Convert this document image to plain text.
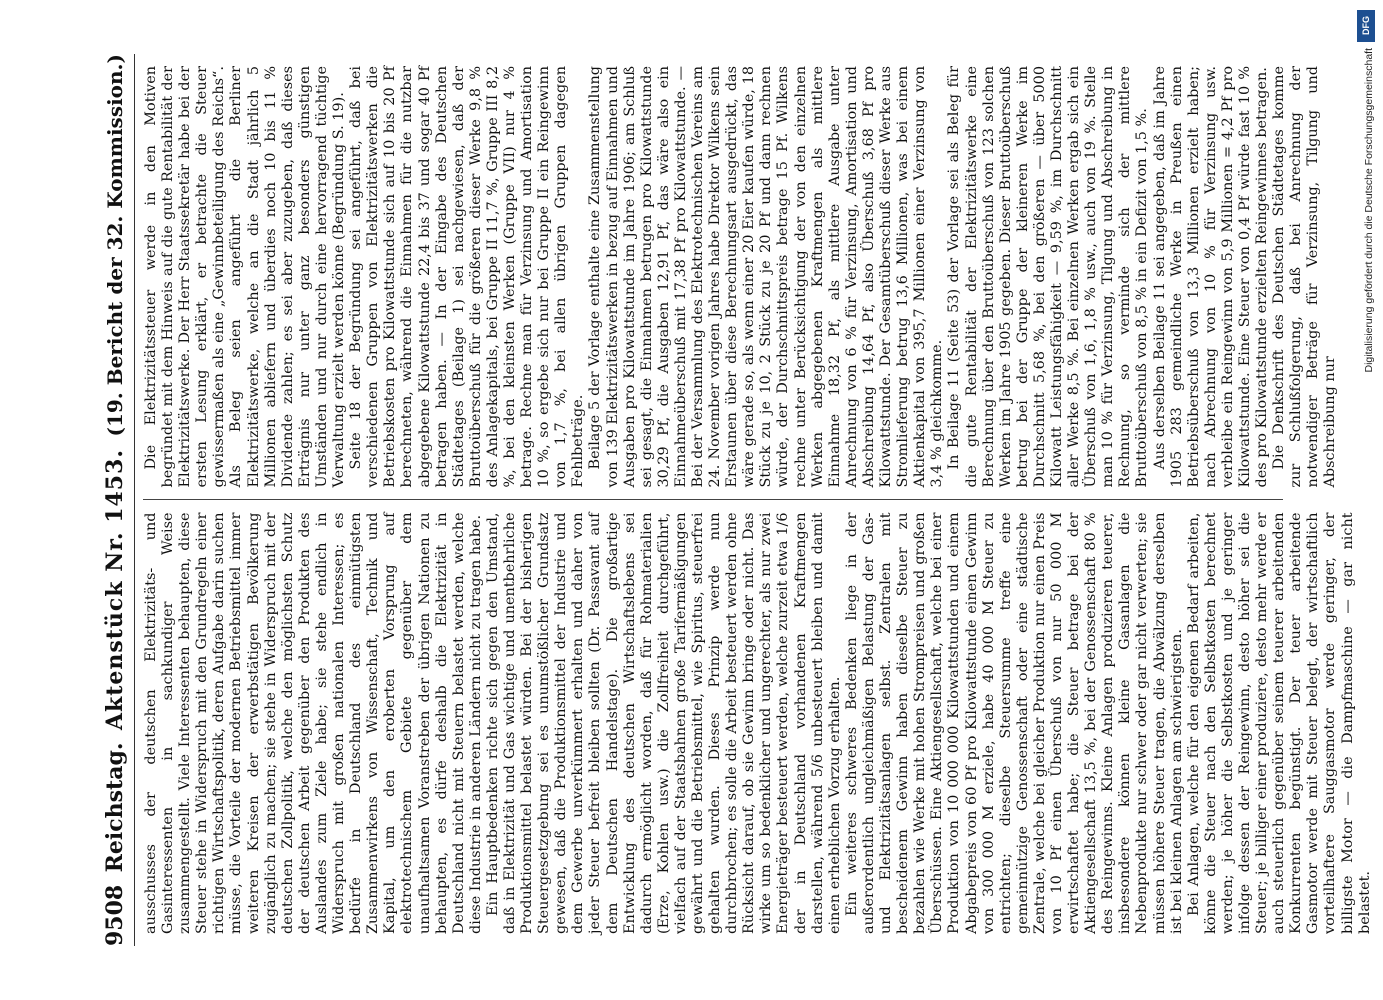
9508
Reichstag.
Aktenstück Nr. 1453.
(19. Bericht der 32. Kommission.)

ausschusses der deutschen Elektrizitäts- und Gasinteressenten in sachkundiger Weise zusammengestellt. Viele Interessenten behaupten, diese Steuer stehe in Widerspruch mit den Grundregeln einer richtigen Wirtschaftspolitik, deren Aufgabe darin suchen müsse, die Vorteile der modernen Betriebsmittel immer weiteren Kreisen der erwerbstätigen Bevölkerung zugänglich zu machen; sie stehe in Widerspruch mit der deutschen Zollpolitik, welche den möglichsten Schutz der deutschen Arbeit gegenüber den Produkten des Auslandes zum Ziele habe; sie stehe endlich in Widerspruch mit großen nationalen Interessen; es bedürfe in Deutschland des einmütigsten Zusammenwirkens von Wissenschaft, Technik und Kapital, um den eroberten Vorsprung auf elektrotechnischem Gebiete gegenüber dem unaufhaltsamen Voranstreben der übrigen Nationen zu behaupten, es dürfe deshalb die Elektrizität in Deutschland nicht mit Steuern belastet werden, welche diese Industrie in anderen Ländern nicht zu tragen habe. Ein Hauptbedenken richte sich gegen den Umstand, daß in Elektrizität und Gas wichtige und unentbehrliche Produktionsmittel belastet würden. Bei der bisherigen Steuergesetzgebung sei es unumstößlicher Grundsatz gewesen, daß die Produktionsmittel der Industrie und dem Gewerbe unverkümmert erhalten und daher von jeder Steuer befreit bleiben sollten (Dr. Passavant auf dem Deutschen Handelstage). Die großartige Entwicklung des deutschen Wirtschaftslebens sei dadurch ermöglicht worden, daß für Rohmaterialien (Erze, Kohlen usw.) die Zollfreiheit durchgeführt, vielfach auf der Staatsbahnen große Tarifermäßigungen gewährt und die Betriebsmittel, wie Spiritus, steuerfrei gehalten wurden. Dieses Prinzip werde nun durchbrochen; es solle die Arbeit besteuert werden ohne Rücksicht darauf, ob sie Gewinn bringe oder nicht. Das wirke um so bedenklicher und ungerechter, als nur zwei Energieträger besteuert werden, welche zurzeit etwa 1/6 der in Deutschland vorhandenen Kraftmengen darstellen, während 5/6 unbesteuert bleiben und damit einen erheblichen Vorzug erhalten. Ein weiteres schweres Bedenken liege in der außerordentlich ungleichmäßigen Belastung der Gas- und Elektrizitätsanlagen selbst. Zentralen mit bescheidenem Gewinn haben dieselbe Steuer zu bezahlen wie Werke mit hohen Strompreisen und großen Überschüssen. Eine Aktiengesellschaft, welche bei einer Produktion von 10 000 000 Kilowattstunden und einem Abgabepreis von 60 Pf pro Kilowattstunde einen Gewinn von 300 000 M erziele, habe 40 000 M Steuer zu entrichten; dieselbe Steuersumme treffe eine gemeinnützige Genossenschaft oder eine städtische Zentrale, welche bei gleicher Produktion nur einen Preis von 10 Pf einen Überschuß von nur 50 000 M erwirtschaftet habe; die Steuer betrage bei der Aktiengesellschaft 13,5 %, bei der Genossenschaft 80 % des Reingewinns. Kleine Anlagen produzieren teuerer, insbesondere können kleine Gasanlagen die Nebenprodukte nur schwer oder gar nicht verwerten; sie müssen höhere Steuer tragen, die Abwälzung derselben ist bei kleinen Anlagen am schwierigsten. Bei Anlagen, welche für den eigenen Bedarf arbeiten, könne die Steuer nach den Selbstkosten berechnet werden; je höher die Selbstkosten und je geringer infolge dessen der Reingewinn, desto höher sei die Steuer; je billiger einer produziere, desto mehr werde er auch steuerlich gegenüber seinem teuerer arbeitenden Konkurrenten begünstigt. Der teuer arbeitende Gasmotor werde mit Steuer belegt, der wirtschaftlich vorteilhaftere Sauggasmotor werde geringer, der billigste Motor — die Dampfmaschine — gar nicht belastet.

Die Elektrizitätssteuer werde in den Motiven begründet mit dem Hinweis auf die gute Rentabilität der Elektrizitätswerke. Der Herr Staatssekretär habe bei der ersten Lesung erklärt, er betrachte die Steuer gewissermaßen als eine „Gewinnbeteiligung des Reichs“. Als Beleg seien angeführt die Berliner Elektrizitätswerke, welche an die Stadt jährlich 5 Millionen abliefern und überdies noch 10 bis 11 % Dividende zahlen; es sei aber zuzugeben, daß dieses Erträgnis nur unter ganz besonders günstigen Umständen und nur durch eine hervorragend tüchtige Verwaltung erzielt werden könne (Begründung S. 19). Seite 18 der Begründung sei angeführt, daß bei verschiedenen Gruppen von Elektrizitätswerken die Betriebskosten pro Kilowattstunde sich auf 10 bis 20 Pf berechneten, während die Einnahmen für die nutzbar abgegebene Kilowattstunde 22,4 bis 37 und sogar 40 Pf betragen haben. — In der Eingabe des Deutschen Städtetages (Beilage 1) sei nachgewiesen, daß der Bruttoüberschuß für die größeren dieser Werke 9,8 % des Anlagekapitals, bei Gruppe II 11,7 %, Gruppe III 8,2 %, bei den kleinsten Werken (Gruppe VII) nur 4 % betrage. Rechne man für Verzinsung und Amortisation 10 %, so ergebe sich nur bei Gruppe II ein Reingewinn von 1,7 %, bei allen übrigen Gruppen dagegen Fehlbeträge. Beilage 5 der Vorlage enthalte eine Zusammenstellung von 139 Elektrizitätswerken in bezug auf Einnahmen und Ausgaben pro Kilowattstunde im Jahre 1906; am Schluß sei gesagt, die Einnahmen betrugen pro Kilowattstunde 30,29 Pf, die Ausgaben 12,91 Pf, das wäre also ein Einnahmeüberschuß mit 17,38 Pf pro Kilowattstunde. — Bei der Versammlung des Elektrotechnischen Vereins am 24. November vorigen Jahres habe Direktor Wilkens sein Erstaunen über diese Berechnungsart ausgedrückt, das wäre gerade so, als wenn einer 20 Eier kaufen würde, 18 Stück zu je 10, 2 Stück zu je 20 Pf und dann rechnen würde, der Durchschnittspreis betrage 15 Pf. Wilkens rechne unter Berücksichtigung der von den einzelnen Werken abgegebenen Kraftmengen als mittlere Einnahme 18,32 Pf, als mittlere Ausgabe unter Anrechnung von 6 % für Verzinsung, Amortisation und Abschreibung 14,64 Pf, also Überschuß 3,68 Pf pro Kilowattstunde. Der Gesamtüberschuß dieser Werke aus Stromlieferung betrug 13,6 Millionen, was bei einem Aktienkapital von 395,7 Millionen einer Verzinsung von 3,4 % gleichkomme. In Beilage 11 (Seite 53) der Vorlage sei als Beleg für die gute Rentabilität der Elektrizitätswerke eine Berechnung über den Bruttoüberschuß von 123 solchen Werken im Jahre 1905 gegeben. Dieser Bruttoüberschuß betrug bei der Gruppe der kleineren Werke im Durchschnitt 5,68 %, bei den größeren — über 5000 Kilowatt Leistungsfähigkeit — 9,59 %, im Durchschnitt aller Werke 8,5 %. Bei einzelnen Werken ergab sich ein Überschuß von 1,6, 1,8 % usw., auch von 19 %. Stelle man 10 % für Verzinsung, Tilgung und Abschreibung in Rechnung, so verminde sich der mittlere Bruttoüberschuß von 8,5 % in ein Defizit von 1,5 %. Aus derselben Beilage 11 sei angegeben, daß im Jahre 1905 283 gemeindliche Werke in Preußen einen Betriebsüberschuß von 13,3 Millionen erzielt haben; nach Abrechnung von 10 % für Verzinsung usw. verbleibe ein Reingewinn von 5,9 Millionen = 4,2 Pf pro Kilowattstunde. Eine Steuer von 0,4 Pf würde fast 10 % des pro Kilowattstunde erzielten Reingewinnes betragen. Die Denkschrift des Deutschen Städtetages komme zur Schlußfolgerung, daß bei Anrechnung der notwendiger Beträge für Verzinsung, Tilgung und Abschreibung nur

DFG
Digitalisierung gefördert durch die Deutsche Forschungsgemeinschaft
